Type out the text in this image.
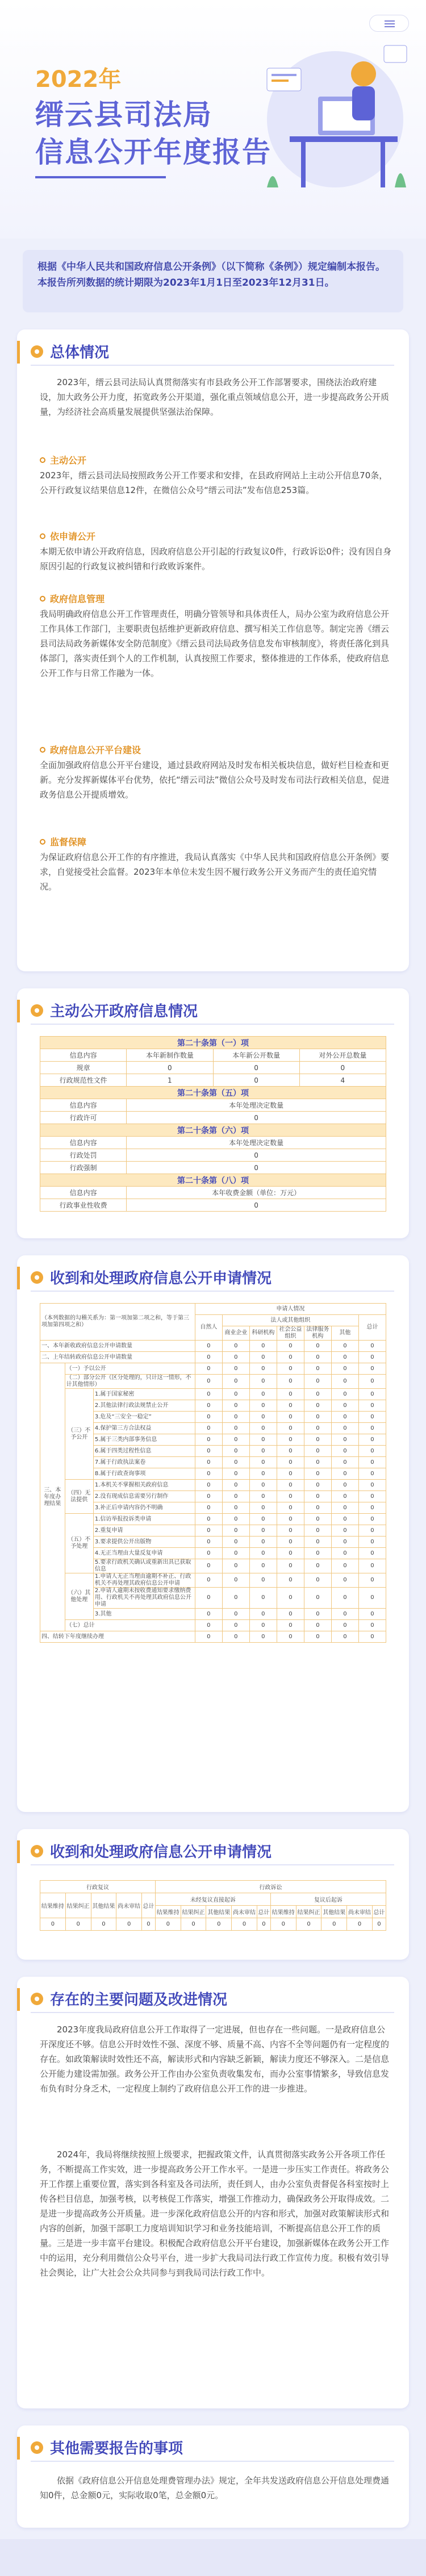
2022年
缙云县司法局
信息公开年度报告
根据《中华人民共和国政府信息公开条例》（以下简称《条例》）规定编制本报告。本报告所列数据的统计期限为2023年1月1日至2023年12月31日。
总体情况
2023年，缙云县司法局认真贯彻落实有市县政务公开工作部署要求，围绕法治政府建设，加大政务公开力度，拓宽政务公开渠道，强化重点领域信息公开，进一步提高政务公开质量，为经济社会高质量发展提供坚强法治保障。
主动公开
2023年，缙云县司法局按照政务公开工作要求和安排，在县政府网站上主动公开信息70条，公开行政复议结果信息12件，在微信公众号“缙云司法”发布信息253篇。
依申请公开
本期无依申请公开政府信息，因政府信息公开引起的行政复议0件，行政诉讼0件；没有因自身原因引起的行政复议被纠错和行政败诉案件。
政府信息管理
我局明确政府信息公开工作管理责任，明确分管领导和具体责任人，局办公室为政府信息公开工作具体工作部门，主要职责包括维护更新政府信息、撰写相关工作信息等。制定完善《缙云县司法局政务新媒体安全防范制度》《缙云县司法局政务信息发布审核制度》，将责任落化到具体部门，落实责任到个人的工作机制，认真按照工作要求，整体推进的工作体系，使政府信息公开工作与日常工作融为一体。
政府信息公开平台建设
全面加强政府信息公开平台建设，通过县政府网站及时发布相关板块信息，做好栏目检查和更新。充分发挥新媒体平台优势，依托“缙云司法”微信公众号及时发布司法行政相关信息，促进政务信息公开提质增效。
监督保障
为保证政府信息公开工作的有序推进，我局认真落实《中华人民共和国政府信息公开条例》要求，自觉接受社会监督。2023年本单位未发生因不履行政务公开义务而产生的责任追究情况。
主动公开政府信息情况
第二十条第（一）项			
信息内容	本年新制作数量	本年新公开数量	对外公开总数量
规章	0	0	0
行政规范性文件	1	0	4
第二十条第（五）项			
信息内容	本年处理决定数量		
行政许可	0		
第二十条第（六）项			
信息内容	本年处理决定数量		
行政处罚	0		
行政强制	0		
第二十条第（八）项			
信息内容	本年收费金额（单位：万元）		
行政事业性收费	0		
收到和处理政府信息公开申请情况
（本列数据的勾稽关系为：第一项加第二项之和，等于第三项加第四项之和）			申请人情况						
			自然人	法人或其他组织					总计
				商业企业	科研机构	社会公益组织	法律服务机构	其他	
一、本年新收政府信息公开申请数量			0	0	0	0	0	0	0
二、上年结转政府信息公开申请数量			0	0	0	0	0	0	0
三、本年度办理结果	（一）予以公开		0	0	0	0	0	0	0
	（二）部分公开（区分处理的，只计这一情形，不计其他情形）		0	0	0	0	0	0	0
	（三）不予公开	1.属于国家秘密	0	0	0	0	0	0	0
		2.其他法律行政法规禁止公开	0	0	0	0	0	0	0
		3.危及“三安全一稳定”	0	0	0	0	0	0	0
		4.保护第三方合法权益	0	0	0	0	0	0	0
		5.属于三类内部事务信息	0	0	0	0	0	0	0
		6.属于四类过程性信息	0	0	0	0	0	0	0
		7.属于行政执法案卷	0	0	0	0	0	0	0
		8.属于行政查询事项	0	0	0	0	0	0	0
	（四）无法提供	1.本机关不掌握相关政府信息	0	0	0	0	0	0	0
		2.没有现成信息需要另行制作	0	0	0	0	0	0	0
		3.补正后申请内容仍不明确	0	0	0	0	0	0	0
	（五）不予处理	1.信访举报投诉类申请	0	0	0	0	0	0	0
		2.重复申请	0	0	0	0	0	0	0
		3.要求提供公开出版物	0	0	0	0	0	0	0
		4.无正当理由大量反复申请	0	0	0	0	0	0	0
		5.要求行政机关确认或重新出具已获取信息	0	0	0	0	0	0	0
	（六）其他处理	1.申请人无正当理由逾期不补正、行政机关不再处理其政府信息公开申请	0	0	0	0	0	0	0
		2.申请人逾期未按收费通知要求缴纳费用、行政机关不再处理其政府信息公开申请	0	0	0	0	0	0	0
		3.其他	0	0	0	0	0	0	0
	（七）总计		0	0	0	0	0	0	0
四、结转下年度继续办理			0	0	0	0	0	0	0
收到和处理政府信息公开申请情况
行政复议					行政诉讼									
结果维持	结果纠正	其他结果	尚未审结	总计	未经复议直接起诉					复议后起诉				
					结果维持	结果纠正	其他结果	尚未审结	总计	结果维持	结果纠正	其他结果	尚未审结	总计
0	0	0	0	0	0	0	0	0	0	0	0	0	0	0
存在的主要问题及改进情况
2023年度我局政府信息公开工作取得了一定进展，但也存在一些问题。一是政府信息公开深度还不够。信息公开时效性不强、深度不够、质量不高、内容不全等问题仍有一定程度的存在。如政策解读时效性还不高，解读形式和内容缺乏新颖，解读力度还不够深入。二是信息公开能力建设需加强。政务公开工作由办公室负责收集发布，而办公室事情繁多，导致信息发布负有时分身乏术，一定程度上制约了政府信息公开工作的进一步推进。
2024年，我局将继续按照上级要求，把握政策文件，认真贯彻落实政务公开各项工作任务，不断提高工作实效，进一步提高政务公开工作水平。一是进一步压实工作责任。将政务公开工作摆上重要位置，落实到各科室及各司法所，责任到人，由办公室负责督促各科室按时上传各栏目信息，加强考核，以考核促工作落实，增强工作推动力，确保政务公开取得成效。二是进一步提高政务公开质量。进一步深化政府信息公开的内容和形式，加强对政策解读形式和内容的创新，加强干部职工力度培训知识学习和业务技能培训，不断提高信息公开工作的质量。三是进一步丰富平台建设。积极配合政府信息公开平台建设，加强新媒体在政务公开工作中的运用，充分利用微信公众号平台，进一步扩大我局司法行政工作宣传力度。积极有效引导社会舆论，让广大社会公众共同参与到我局司法行政工作中。
其他需要报告的事项
依据《政府信息公开信息处理费管理办法》规定，全年共发送政府信息公开信息处理费通知0件，总金额0元，实际收取0笔，总金额0元。
